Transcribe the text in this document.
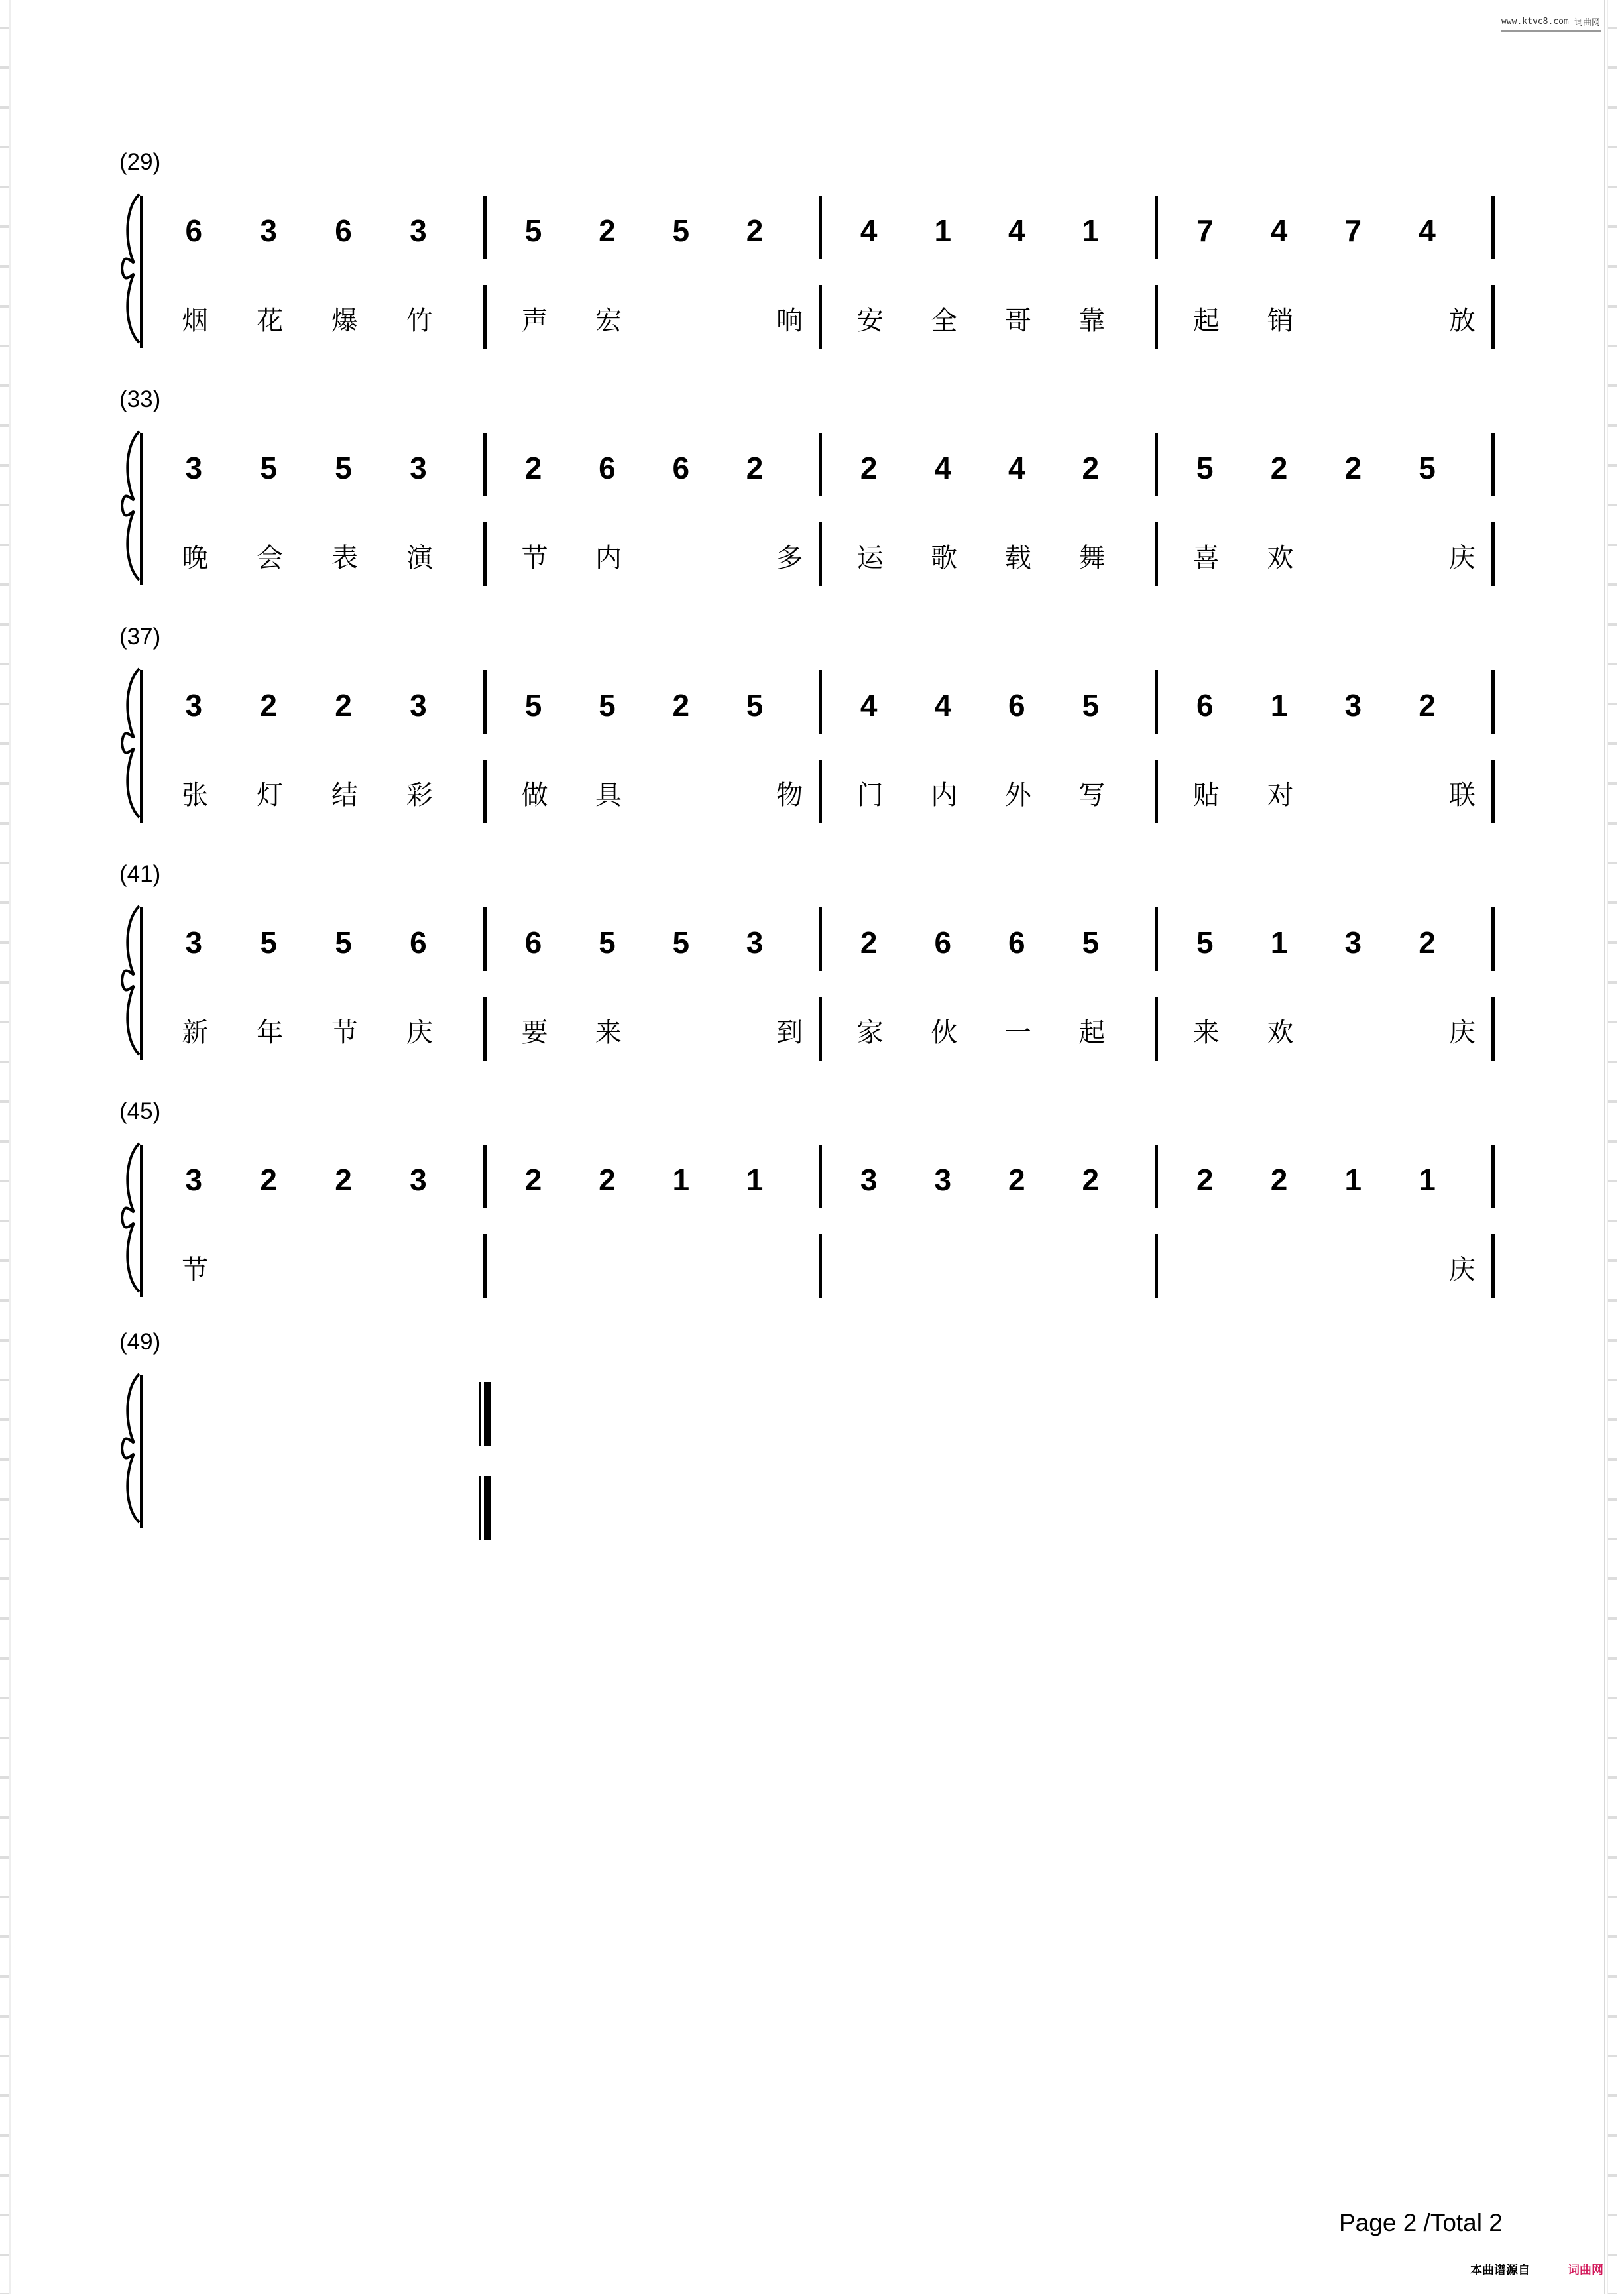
www.ktvc8.com 词曲网
(29)
6 3 6 3
烟 花 爆 竹
5 2 5 2
声 宏	响
4 1 4 1
安 全 哥 靠
7 4 7 4
起 销	放
(33)
3 5 5 3
晚 会 表 演
2 6 6 2
节 内	多
2 4 4 2
运 歌 载 舞
5 2 2 5
喜 欢	庆
(37)
3 2 2 3
张 灯 结 彩
5 5 2 5
做 具	物
4 4 6 5
门 内 外 写
6 1 3 2
贴 对	联
(41)
3 5 5 6
新 年 节 庆
6 5 5 3
要 来	到
2 6 6 5
家 伙 一 起
5 1 3 2
来 欢	庆
(45)
3 2 2 3
节
2 2 1 1	3 3 2 2	2 2 1 1
庆
(49)
Page 2 /Total 2
本曲谱源自	词曲网
